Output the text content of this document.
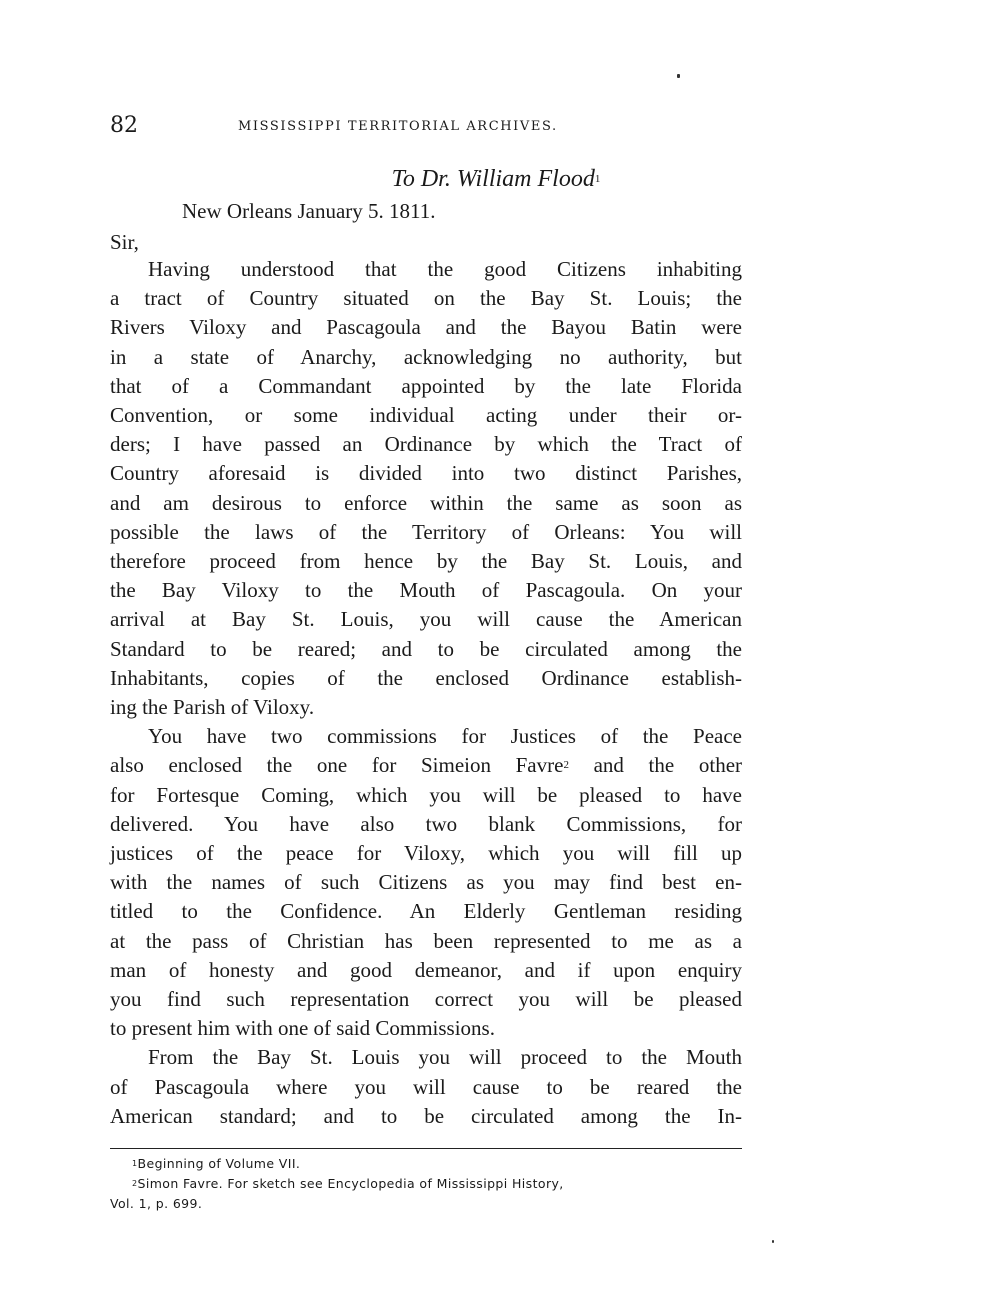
82	MISSISSIPPI TERRITORIAL ARCHIVES.
To Dr. William Flood$^1$
New Orleans January 5. 1811.
Sir,
Having understood that the good Citizens inhabiting
a tract of Country situated on the Bay St. Louis; the
Rivers Viloxy and Pascagoula and the Bayou Batin were
in a state of Anarchy, acknowledging no authority, but
that of a Commandant appointed by the late Florida
Convention, or some individual acting under their or-
ders; I have passed an Ordinance by which the Tract of
Country aforesaid is divided into two distinct Parishes,
and am desirous to enforce within the same as soon as
possible the laws of the Territory of Orleans: You will
therefore proceed from hence by the Bay St. Louis, and
the Bay Viloxy to the Mouth of Pascagoula. On your
arrival at Bay St. Louis, you will cause the American
Standard to be reared; and to be circulated among the
Inhabitants, copies of the enclosed Ordinance establish-
ing the Parish of Viloxy.
You have two commissions for Justices of the Peace
also enclosed the one for Simeion Favre$^2$ and the other
for Fortesque Coming, which you will be pleased to have
delivered. You have also two blank Commissions, for
justices of the peace for Viloxy, which you will fill up
with the names of such Citizens as you may find best en-
titled to the Confidence. An Elderly Gentleman residing
at the pass of Christian has been represented to me as a
man of honesty and good demeanor, and if upon enquiry
you find such representation correct you will be pleased
to present him with one of said Commissions.
From the Bay St. Louis you will proceed to the Mouth
of Pascagoula where you will cause to be reared the
American standard; and to be circulated among the In-
$^1$Beginning of Volume VII.
$^2$Simon Favre. For sketch see Encyclopedia of Mississippi History,
Vol. 1, p. 699.
